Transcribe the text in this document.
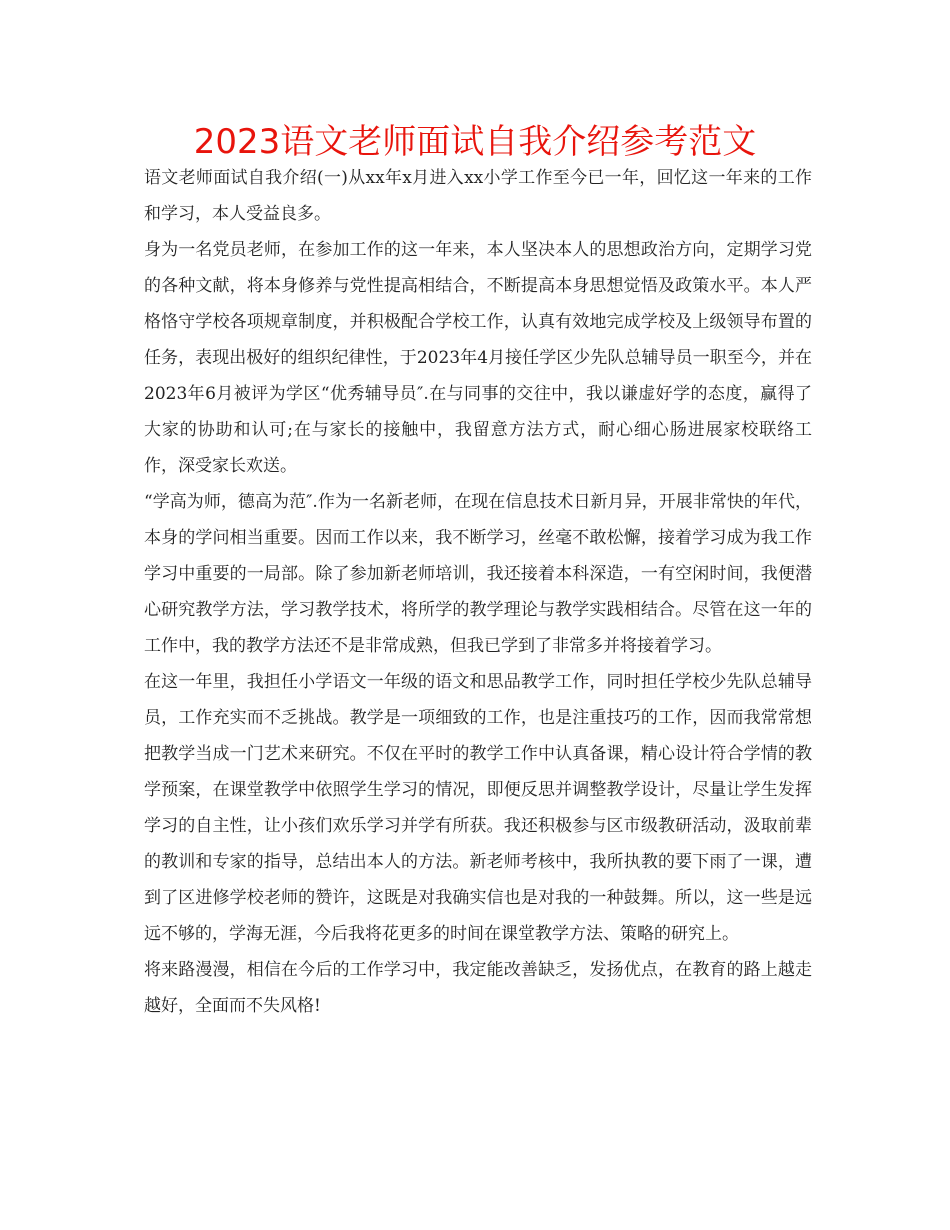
2023语文老师面试自我介绍参考范文

语文老师面试自我介绍(一)从xx年x月进入xx小学工作至今已一年，回忆这一年来的工作和学习，本人受益良多。

身为一名党员老师，在参加工作的这一年来，本人坚决本人的思想政治方向，定期学习党的各种文献，将本身修养与党性提高相结合，不断提高本身思想觉悟及政策水平。本人严格恪守学校各项规章制度，并积极配合学校工作，认真有效地完成学校及上级领导布置的任务，表现出极好的组织纪律性，于2023年4月接任学区少先队总辅导员一职至今，并在2023年6月被评为学区“优秀辅导员″.在与同事的交往中，我以谦虚好学的态度，赢得了大家的协助和认可;在与家长的接触中，我留意方法方式，耐心细心肠进展家校联络工作，深受家长欢送。

“学高为师，德高为范″.作为一名新老师，在现在信息技术日新月异，开展非常快的年代，本身的学问相当重要。因而工作以来，我不断学习，丝毫不敢松懈，接着学习成为我工作学习中重要的一局部。除了参加新老师培训，我还接着本科深造，一有空闲时间，我便潜心研究教学方法，学习教学技术，将所学的教学理论与教学实践相结合。尽管在这一年的工作中，我的教学方法还不是非常成熟，但我已学到了非常多并将接着学习。

在这一年里，我担任小学语文一年级的语文和思品教学工作，同时担任学校少先队总辅导员，工作充实而不乏挑战。教学是一项细致的工作，也是注重技巧的工作，因而我常常想把教学当成一门艺术来研究。不仅在平时的教学工作中认真备课，精心设计符合学情的教学预案，在课堂教学中依照学生学习的情况，即便反思并调整教学设计，尽量让学生发挥学习的自主性，让小孩们欢乐学习并学有所获。我还积极参与区市级教研活动，汲取前辈的教训和专家的指导，总结出本人的方法。新老师考核中，我所执教的要下雨了一课，遭到了区进修学校老师的赞许，这既是对我确实信也是对我的一种鼓舞。所以，这一些是远远不够的，学海无涯，今后我将花更多的时间在课堂教学方法、策略的研究上。

将来路漫漫，相信在今后的工作学习中，我定能改善缺乏，发扬优点，在教育的路上越走越好，全面而不失风格!
